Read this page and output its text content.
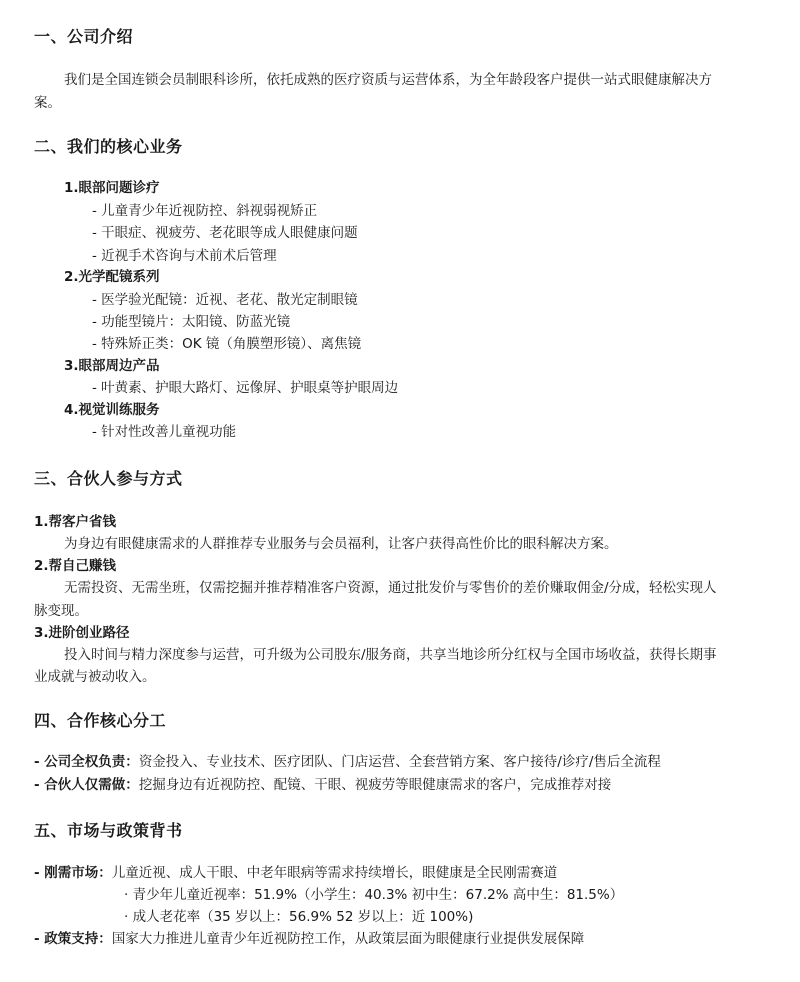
一、公司介绍
我们是全国连锁会员制眼科诊所，依托成熟的医疗资质与运营体系，为全年龄段客户提供一站式眼健康解决方
案。
二、我们的核心业务
1.眼部问题诊疗
- 儿童青少年近视防控、斜视弱视矫正
- 干眼症、视疲劳、老花眼等成人眼健康问题
- 近视手术咨询与术前术后管理
2.光学配镜系列
- 医学验光配镜：近视、老花、散光定制眼镜
- 功能型镜片：太阳镜、防蓝光镜
- 特殊矫正类：OK 镜（角膜塑形镜）、离焦镜
3.眼部周边产品
- 叶黄素、护眼大路灯、远像屏、护眼桌等护眼周边
4.视觉训练服务
- 针对性改善儿童视功能
三、合伙人参与方式
1.帮客户省钱
为身边有眼健康需求的人群推荐专业服务与会员福利，让客户获得高性价比的眼科解决方案。
2.帮自己赚钱
无需投资、无需坐班，仅需挖掘并推荐精准客户资源，通过批发价与零售价的差价赚取佣金/分成，轻松实现人
脉变现。
3.进阶创业路径
投入时间与精力深度参与运营，可升级为公司股东/服务商，共享当地诊所分红权与全国市场收益，获得长期事
业成就与被动收入。
四、合作核心分工
- 公司全权负责：资金投入、专业技术、医疗团队、门店运营、全套营销方案、客户接待/诊疗/售后全流程
- 合伙人仅需做：挖掘身边有近视防控、配镜、干眼、视疲劳等眼健康需求的客户，完成推荐对接
五、市场与政策背书
- 刚需市场：儿童近视、成人干眼、中老年眼病等需求持续增长，眼健康是全民刚需赛道
· 青少年儿童近视率：51.9%（小学生：40.3% 初中生：67.2% 高中生：81.5%）
· 成人老花率（35 岁以上：56.9% 52 岁以上：近 100%)
- 政策支持：国家大力推进儿童青少年近视防控工作，从政策层面为眼健康行业提供发展保障
